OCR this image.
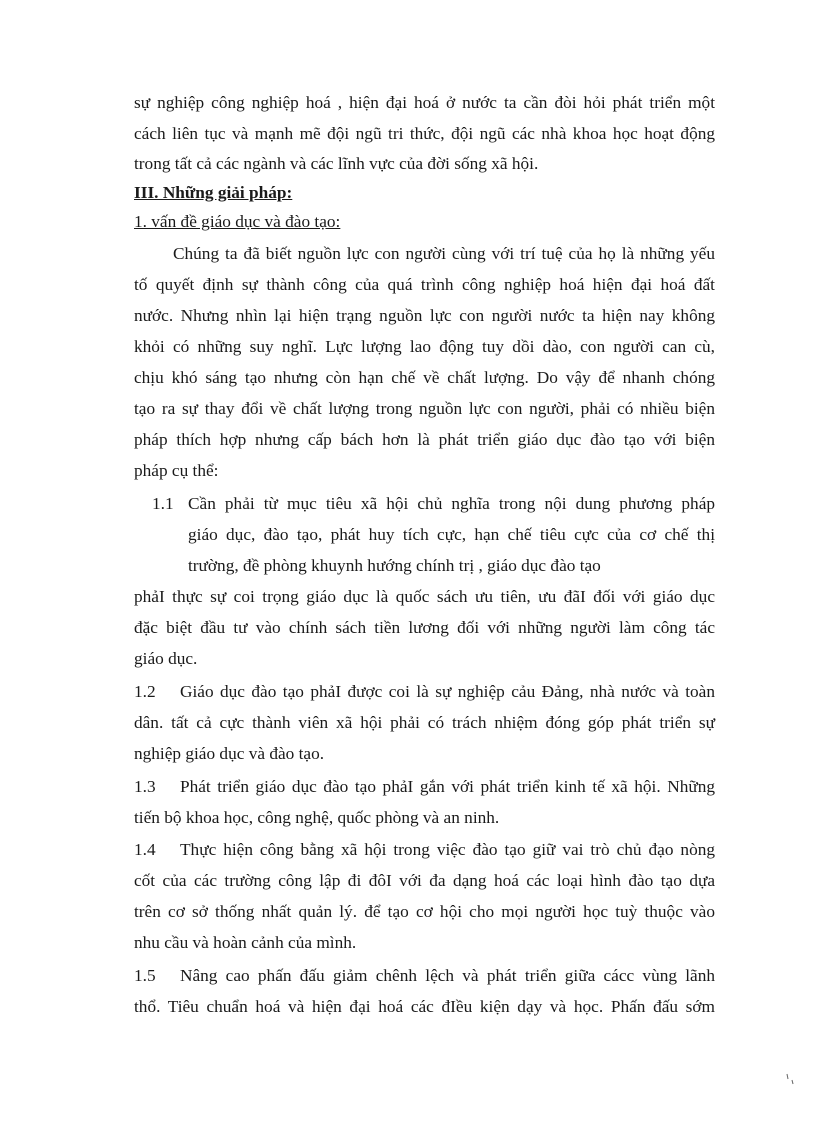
sự nghiệp công nghiệp hoá , hiện đại hoá ở nước ta cần đòi hỏi phát triển một
cách liên tục và mạnh mẽ đội ngũ tri thức, đội ngũ các nhà khoa học hoạt động
trong tất cả các ngành và các lĩnh vực của đời sống xã hội.
III. Những giải pháp:
1. vấn đề giáo dục và đào tạo:
Chúng ta đã biết nguồn lực con người cùng với trí tuệ của họ là những yếu
tố quyết định sự thành công của quá trình công nghiệp hoá hiện đại hoá đất
nước. Nhưng nhìn lại hiện trạng nguồn lực con người nước ta hiện nay không
khỏi có những suy nghĩ. Lực lượng lao động tuy dồi dào, con người can cù,
chịu khó sáng tạo nhưng còn hạn chế về chất lượng. Do vậy để nhanh chóng
tạo ra sự thay đổi về chất lượng trong nguồn lực con người, phải có nhiều biện
pháp thích hợp nhưng cấp bách hơn là phát triển giáo dục đào tạo với biện
pháp cụ thể:
1.1 Cần phải từ mục tiêu xã hội chủ nghĩa trong nội dung phương pháp
giáo dục, đào tạo, phát huy tích cực, hạn chế tiêu cực của cơ chế thị
trường, đề phòng khuynh hướng chính trị , giáo dục đào tạo
phảI thực sự coi trọng giáo dục là quốc sách ưu tiên, ưu đãI đối với giáo dục
đặc biệt đầu tư vào chính sách tiền lương đối với những người làm công tác
giáo dục.
1.2 Giáo dục đào tạo phảI được coi là sự nghiệp cảu Đảng, nhà nước và toàn
dân. tất cả cực thành viên xã hội phải có trách nhiệm đóng góp phát triển sự
nghiệp giáo dục và đào tạo.
1.3 Phát triển giáo dục đào tạo phảI gắn với phát triển kinh tế xã hội. Những
tiến bộ khoa học, công nghệ, quốc phòng và an ninh.
1.4 Thực hiện công bằng xã hội trong việc đào tạo giữ vai trò chủ đạo nòng
cốt của các trường công lập đi đôI với đa dạng hoá các loại hình đào tạo dựa
trên cơ sở thống nhất quản lý. để tạo cơ hội cho mọi người học tuỳ thuộc vào
nhu cầu và hoàn cảnh của mình.
1.5 Nâng cao phấn đấu giảm chênh lệch và phát triển giữa cácc vùng lãnh
thổ. Tiêu chuẩn hoá và hiện đại hoá các đIều kiện dạy và học. Phấn đấu sớm
